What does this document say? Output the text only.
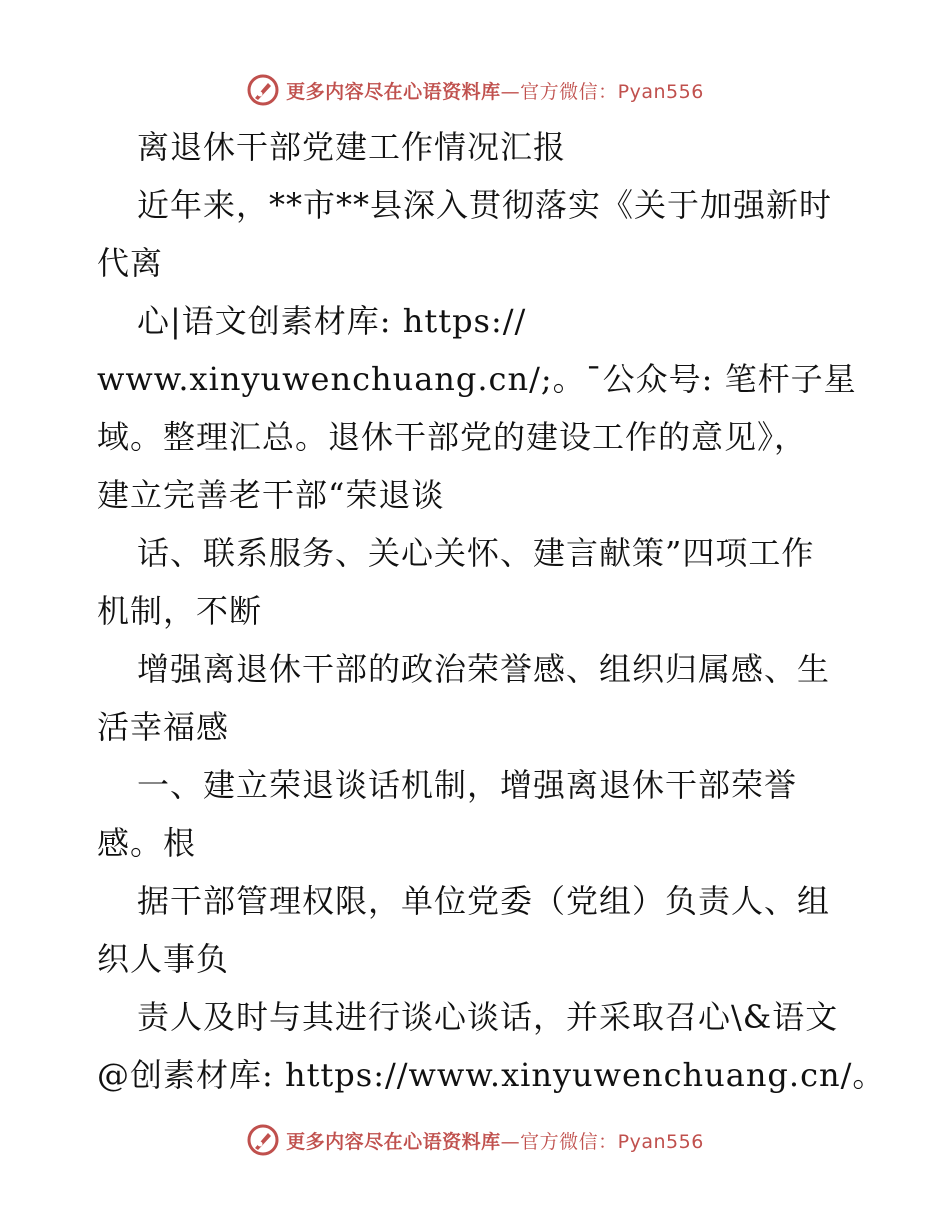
更多内容尽在心语资料库—官方微信：Pyan556
离退休干部党建工作情况汇报
近年来，**市**县深入贯彻落实《关于加强新时
代离
心|语文创素材库: https://
www.xinyuwenchuang.cn/;。¯公众号: 笔杆子星
域。整理汇总。退休干部党的建设工作的意见》，
建立完善老干部“荣退谈
话、联系服务、关心关怀、建言献策”四项工作
机制，不断
增强离退休干部的政治荣誉感、组织归属感、生
活幸福感
一、建立荣退谈话机制，增强离退休干部荣誉
感。根
据干部管理权限，单位党委（党组）负责人、组
织人事负
责人及时与其进行谈心谈话，并采取召心\&语文
@创素材库: https://www.xinyuwenchuang.cn/。
更多内容尽在心语资料库—官方微信：Pyan556
